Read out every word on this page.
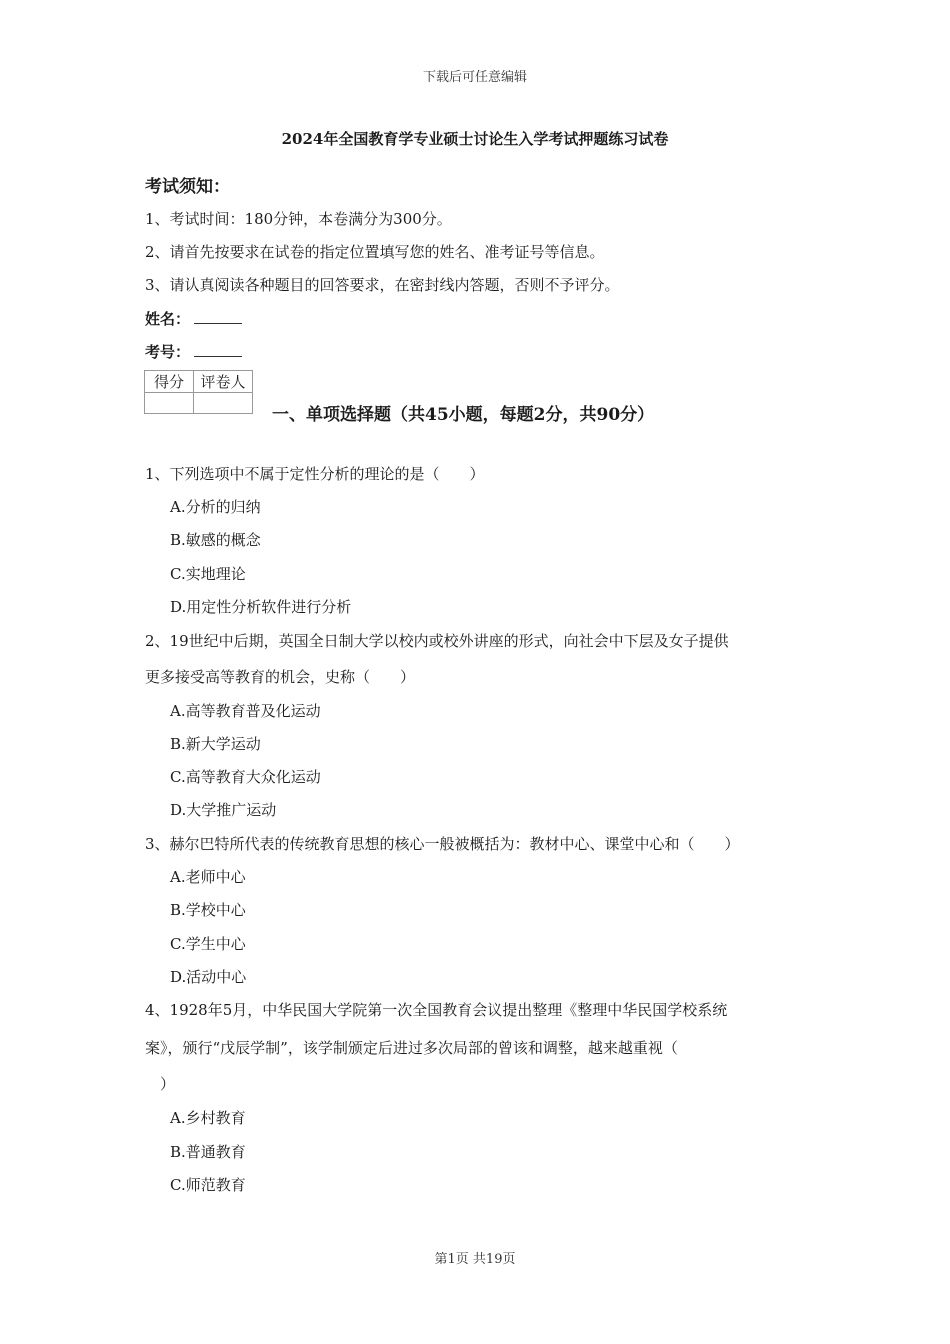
下载后可任意编辑
2024年全国教育学专业硕士讨论生入学考试押题练习试卷
考试须知：
1、考试时间：180分钟，本卷满分为300分。
2、请首先按要求在试卷的指定位置填写您的姓名、准考证号等信息。
3、请认真阅读各种题目的回答要求，在密封线内答题，否则不予评分。
姓名：
考号：
得分	评卷人

一、单项选择题（共45小题，每题2分，共90分）
1、下列选项中不属于定性分析的理论的是（　　）
A.分析的归纳
B.敏感的概念
C.实地理论
D.用定性分析软件进行分析
2、19世纪中后期，英国全日制大学以校内或校外讲座的形式，向社会中下层及女子提供
更多接受高等教育的机会，史称（　　）
A.高等教育普及化运动
B.新大学运动
C.高等教育大众化运动
D.大学推广运动
3、赫尔巴特所代表的传统教育思想的核心一般被概括为：教材中心、课堂中心和（　　）
A.老师中心
B.学校中心
C.学生中心
D.活动中心
4、1928年5月，中华民国大学院第一次全国教育会议提出整理《整理中华民国学校系统
案》，颁行“戊辰学制”，该学制颁定后进过多次局部的曾该和调整，越来越重视（
　）
A.乡村教育
B.普通教育
C.师范教育
第1页 共19页
